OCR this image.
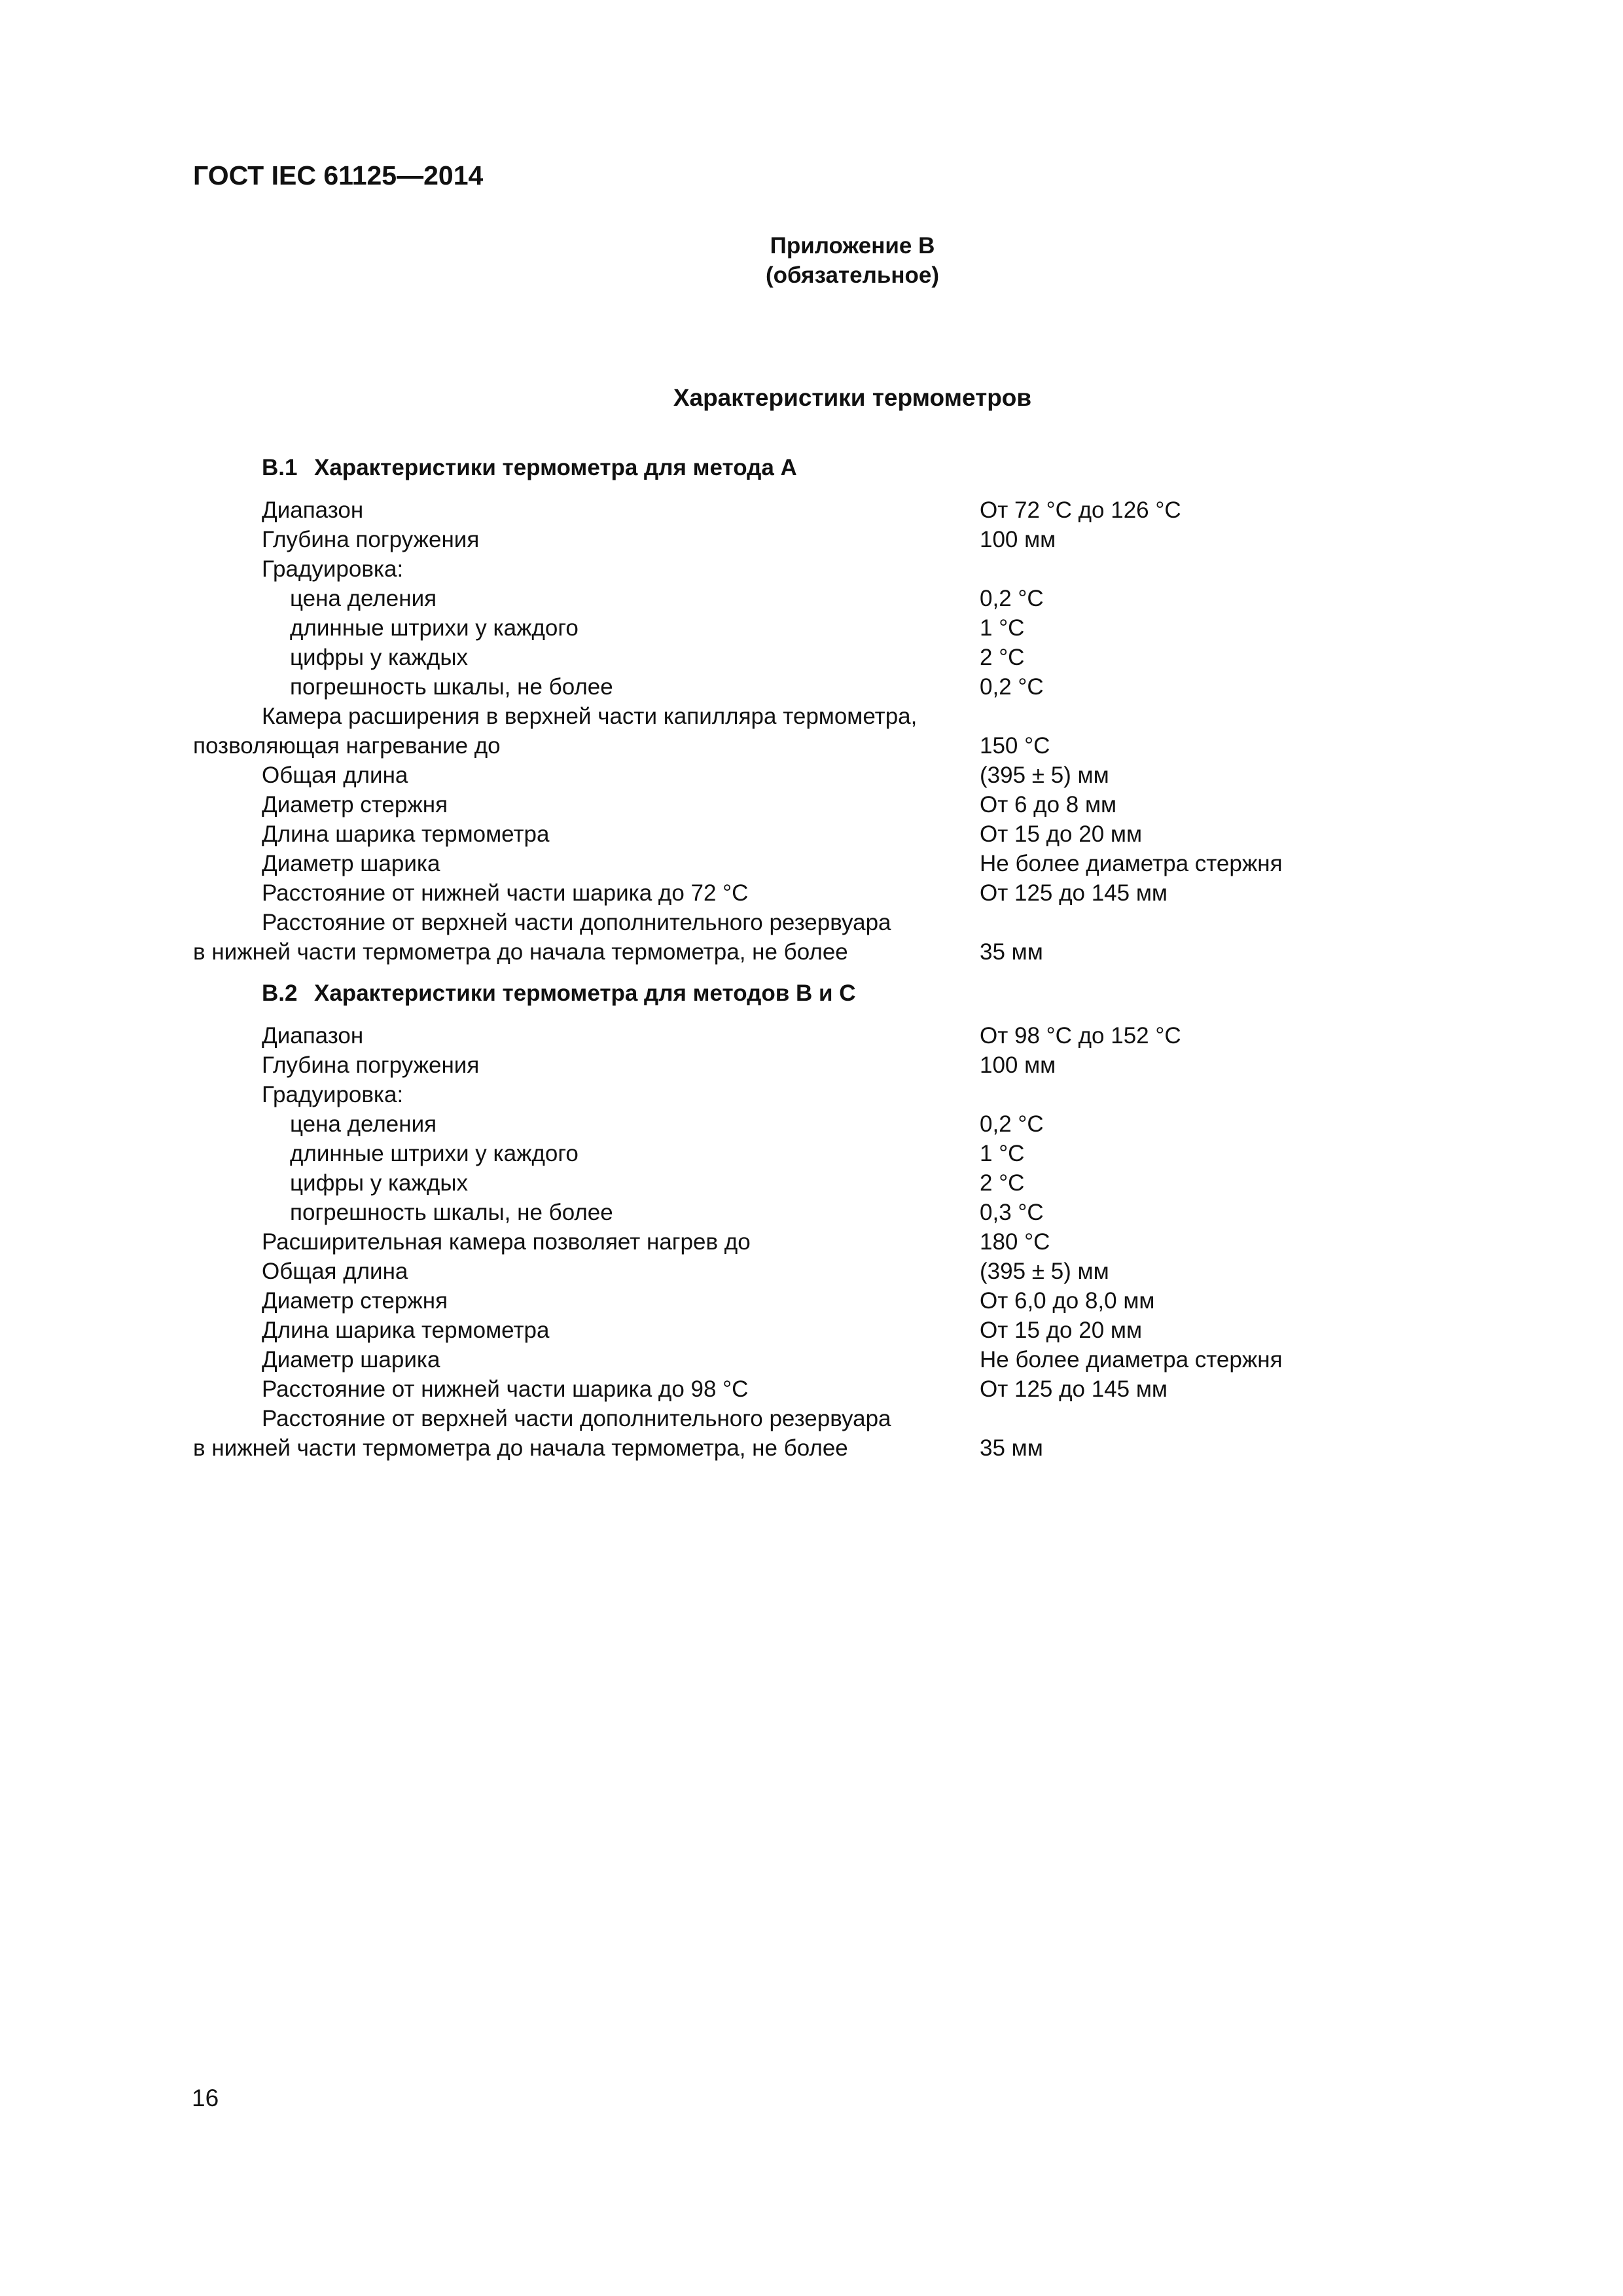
ГОСТ IEC 61125—2014
Приложение В
(обязательное)
Характеристики термометров
В.1 Характеристики термометра для метода А
Диапазон	От 72 °С до 126 °С
Глубина погружения	100 мм
Градуировка:
цена деления	0,2 °С
длинные штрихи у каждого	1 °С
цифры у каждых	2 °С
погрешность шкалы, не более	0,2 °С
Камера расширения в верхней части капилляра термометра,
позволяющая нагревание до	150 °С
Общая длина	(395 ± 5) мм
Диаметр стержня	От 6 до 8 мм
Длина шарика термометра	От 15 до 20 мм
Диаметр шарика	Не более диаметра стержня
Расстояние от нижней части шарика до 72 °С	От 125 до 145 мм
Расстояние от верхней части дополнительного резервуара
в нижней части термометра до начала термометра, не более	35 мм
В.2 Характеристики термометра для методов В и С
Диапазон	От 98 °С до 152 °С
Глубина погружения	100 мм
Градуировка:
цена деления	0,2 °С
длинные штрихи у каждого	1 °С
цифры у каждых	2 °С
погрешность шкалы, не более	0,3 °С
Расширительная камера позволяет нагрев до	180 °С
Общая длина	(395 ± 5) мм
Диаметр стержня	От 6,0 до 8,0 мм
Длина шарика термометра	От 15 до 20 мм
Диаметр шарика	Не более диаметра стержня
Расстояние от нижней части шарика до 98 °С	От 125 до 145 мм
Расстояние от верхней части дополнительного резервуара
в нижней части термометра до начала термометра, не более	35 мм
16
